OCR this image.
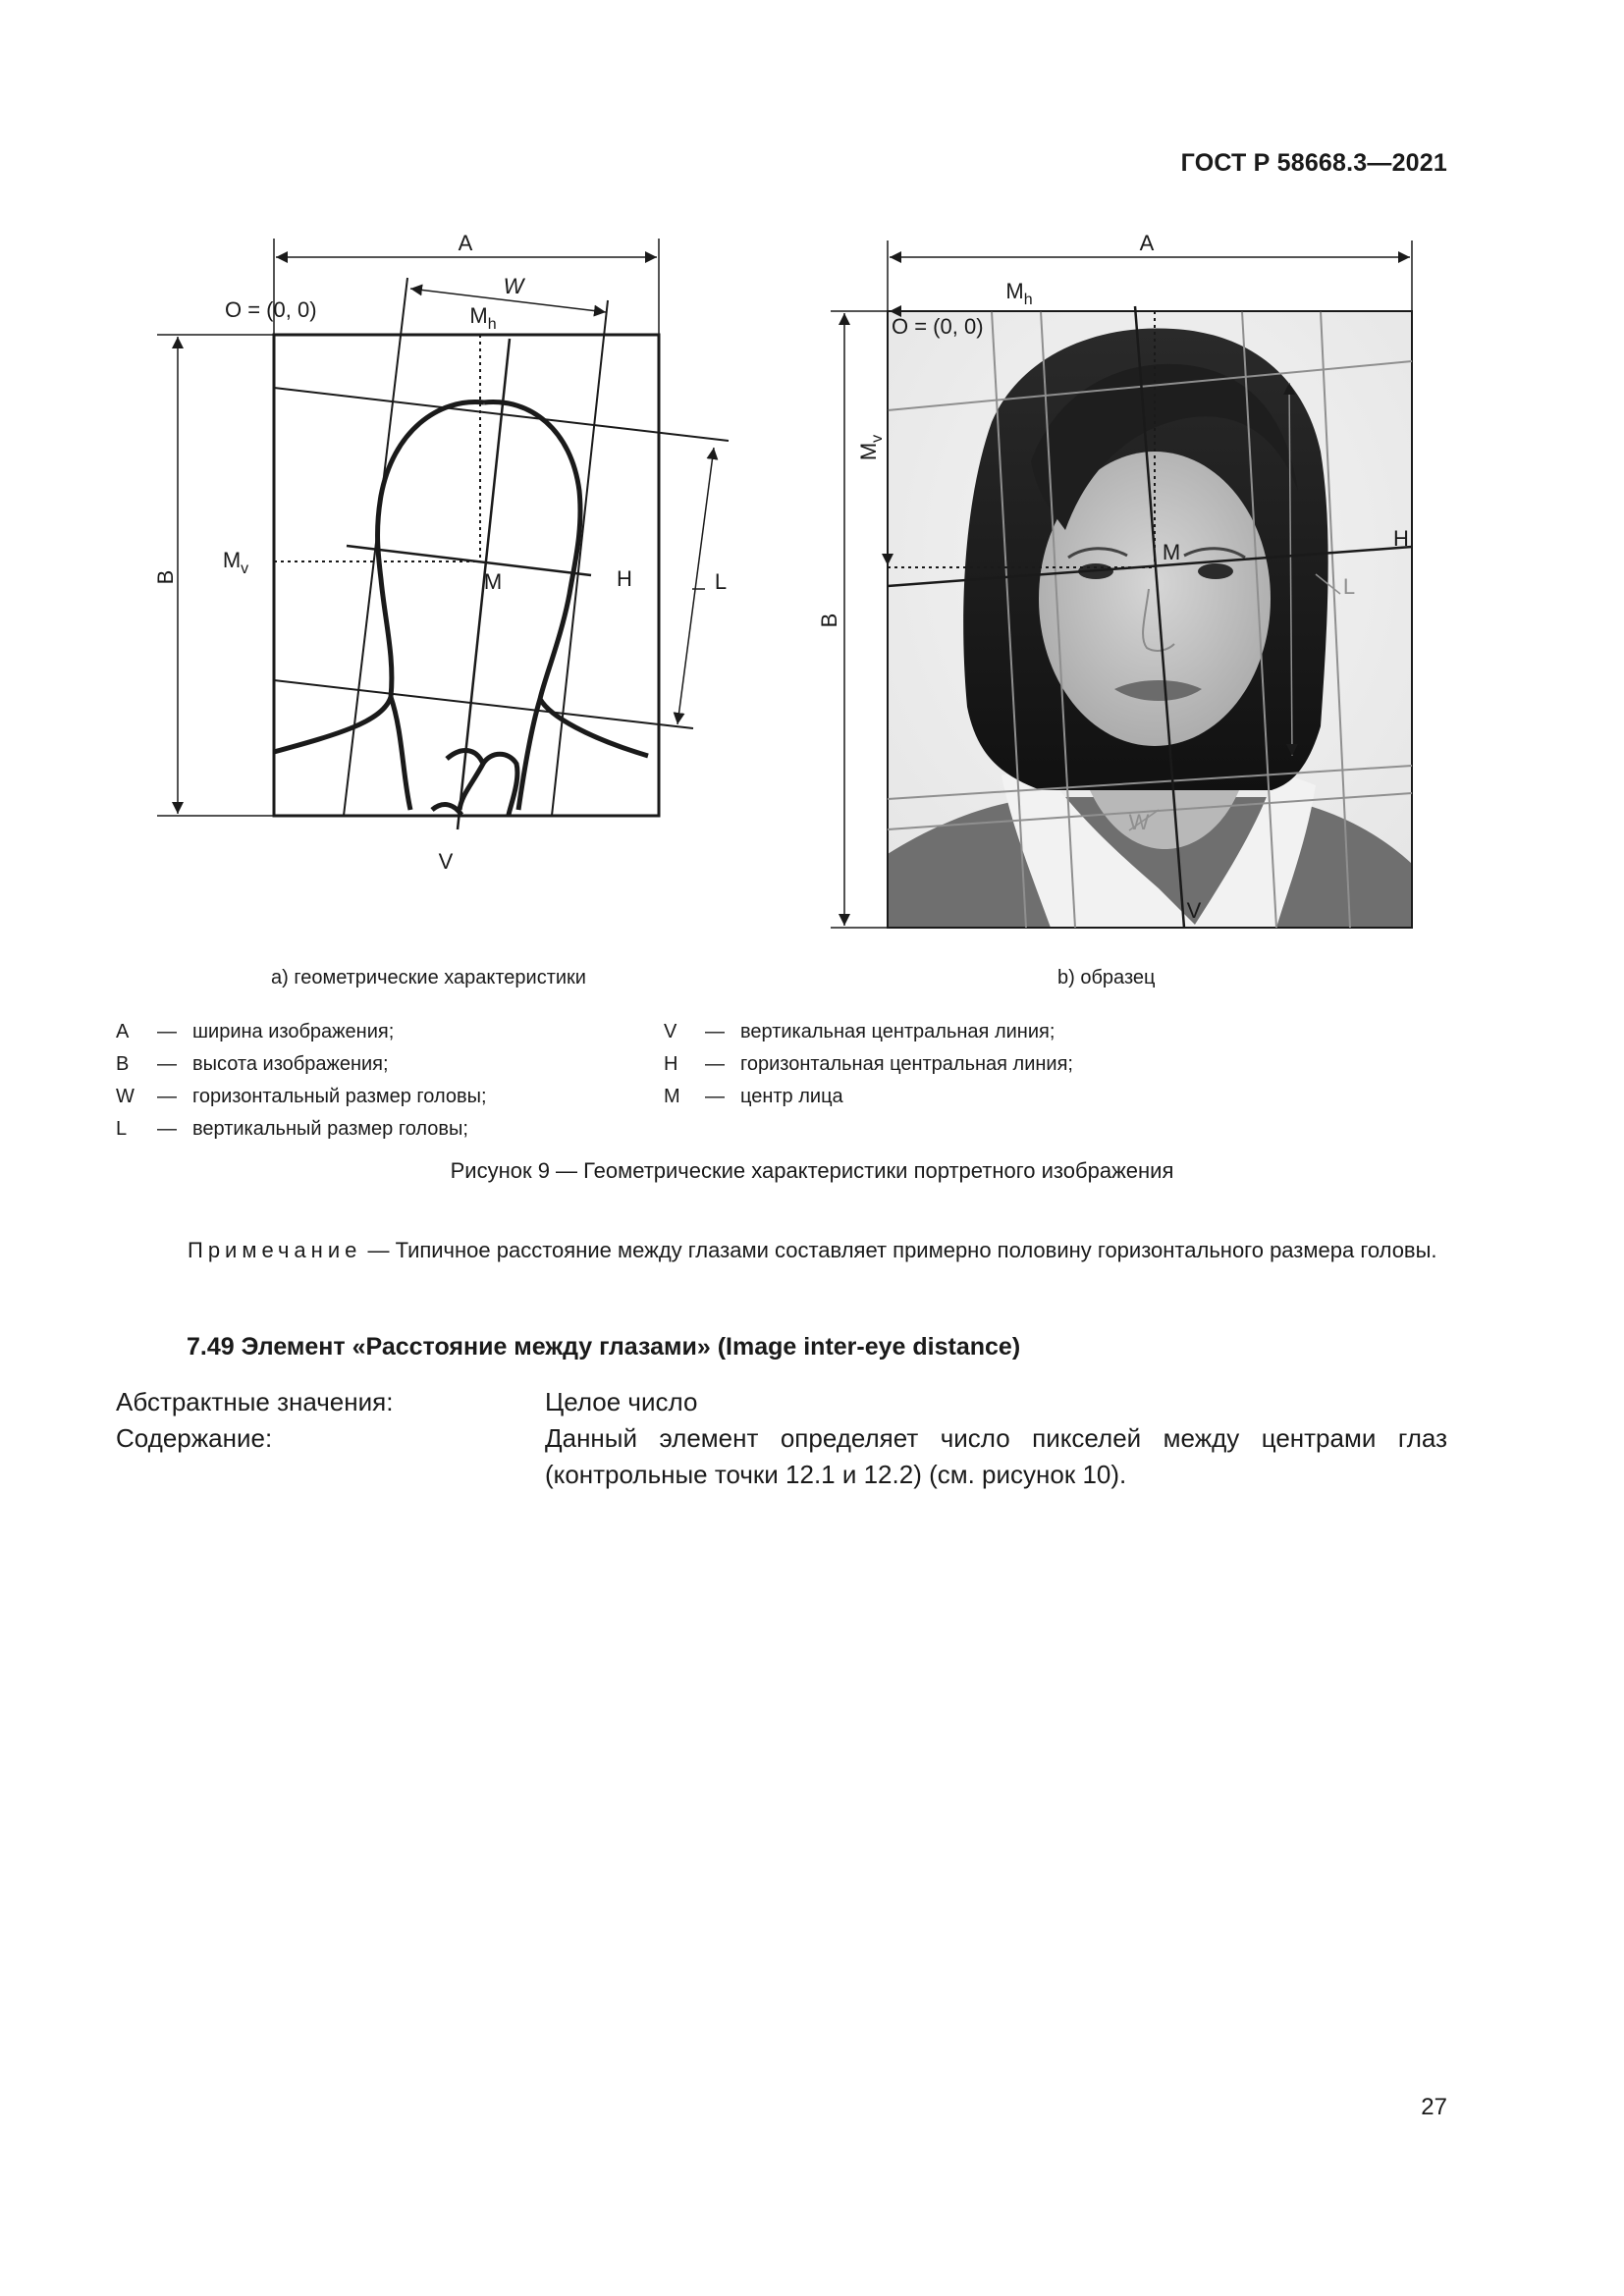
ГОСТ Р 58668.3—2021
A
B
W
L
$M_h$
$M_v$
O = (0, 0)
M	H
V
L
W
A
$M_h$
O = (0, 0)
$M_v$
B
M
H
V
a) геометрические характеристики	b) образец
A	— ширина изображения;
B	— высота изображения;
W	— горизонтальный размер головы;
L	— вертикальный размер головы;
V	— вертикальная центральная линия;
H	— горизонтальная центральная линия;
M	— центр лица
Рисунок 9 — Геометрические характеристики портретного изображения
Примечание — Типичное расстояние между глазами составляет примерно половину горизонтального размера головы.
7.49 Элемент «Расстояние между глазами» (Image inter-eye distance)
Абстрактные значения:	Целое число
Содержание:	Данный элемент определяет число пикселей между центрами глаз (контрольные точки 12.1 и 12.2) (см. рисунок 10).
27
